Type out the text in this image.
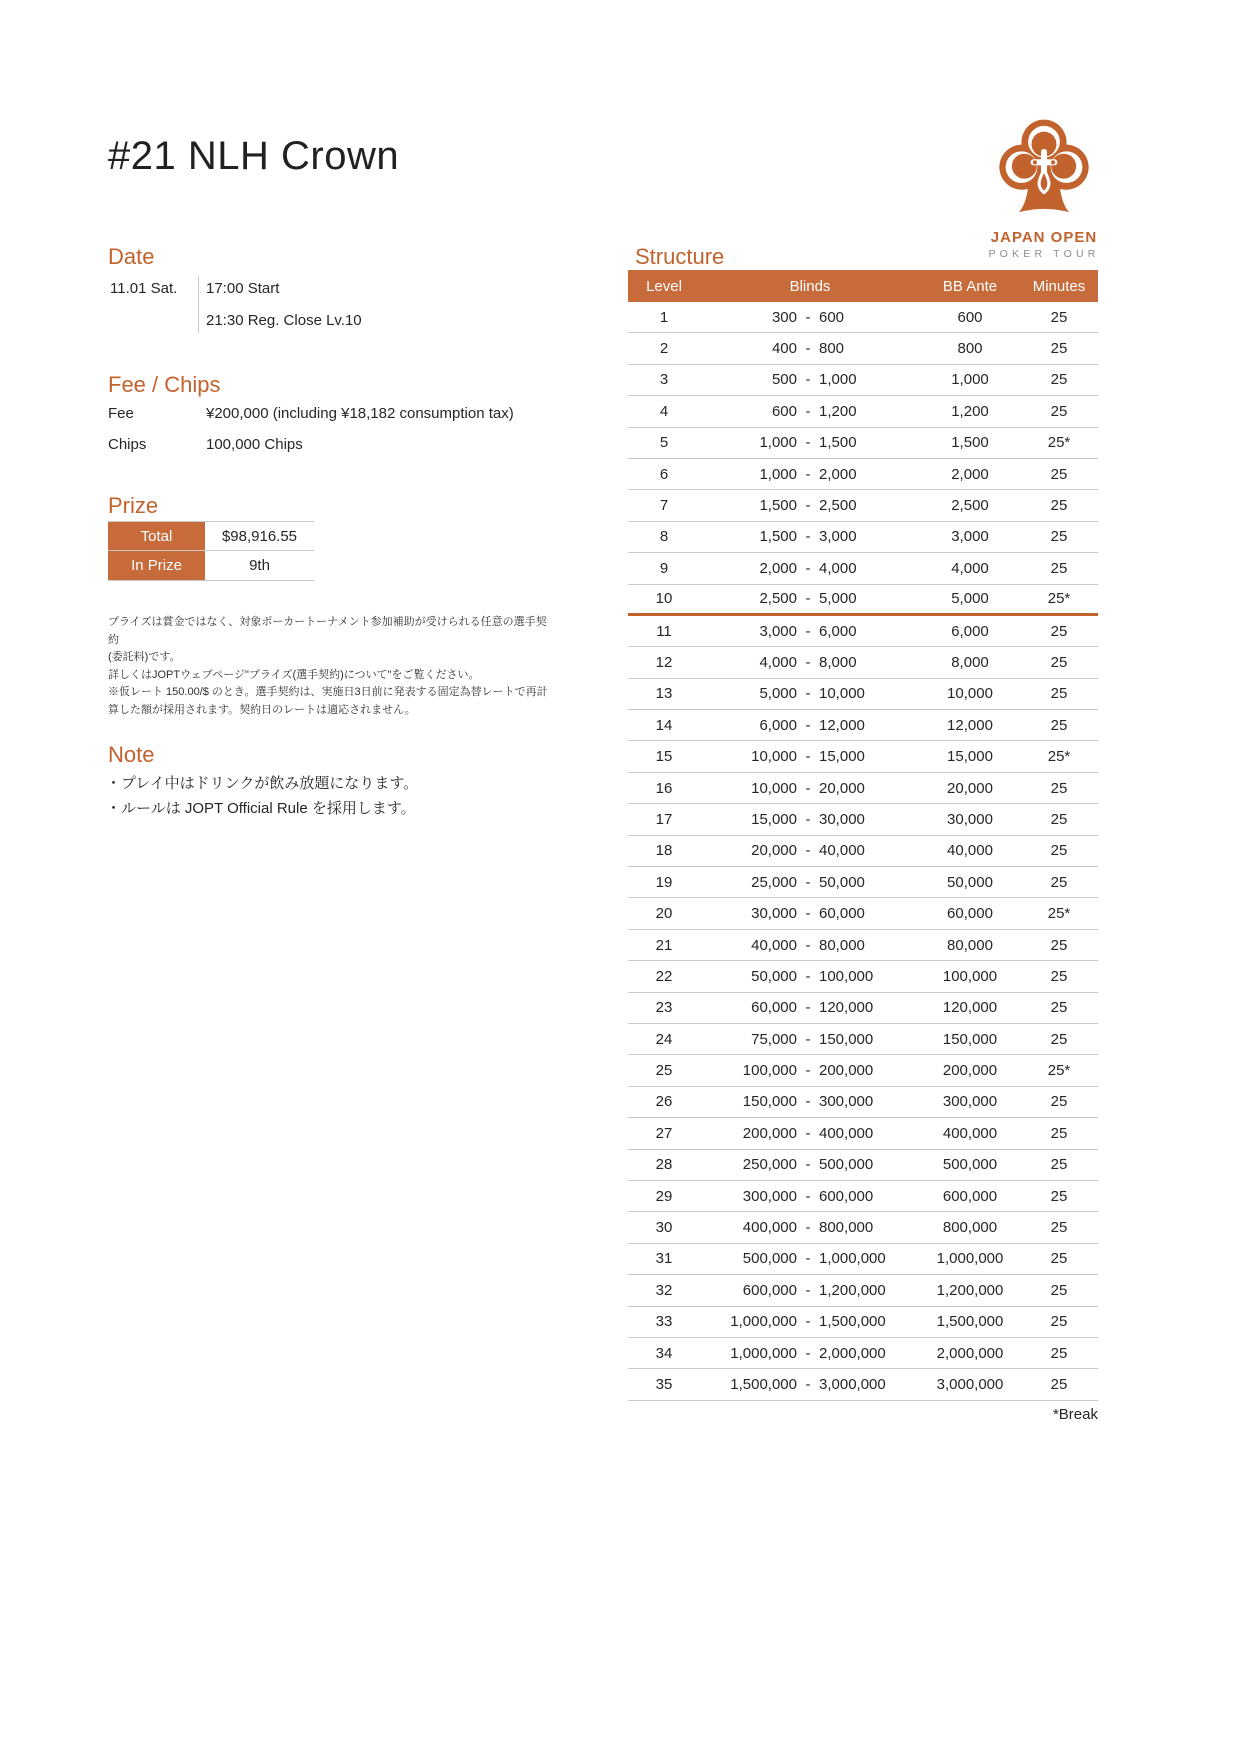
#21 NLH Crown
JAPAN OPEN
POKER TOUR
Date
11.01 Sat. 17:00 Start
21:30 Reg. Close Lv.10
Fee / Chips
Fee	¥200,000 (including ¥18,182 consumption tax)
Chips	100,000 Chips
Prize
Total	$98,916.55
In Prize	9th
プライズは賞金ではなく、対象ポーカートーナメント参加補助が受けられる任意の選手契約
(委託料)です。
詳しくはJOPTウェブページ"プライズ(選手契約)について"をご覧ください。
※仮レート 150.00/$ のとき。選手契約は、実施日3日前に発表する固定為替レートで再計
算した額が採用されます。契約日のレートは適応されません。
Note
・プレイ中はドリンクが飲み放題になります。
・ルールは JOPT Official Rule を採用します。
Structure
Level	Blinds	BB Ante	Minutes
1	300 - 600	600	25
2	400 - 800	800	25
3	500 - 1,000	1,000	25
4	600 - 1,200	1,200	25
5	1,000 - 1,500	1,500	25*
6	1,000 - 2,000	2,000	25
7	1,500 - 2,500	2,500	25
8	1,500 - 3,000	3,000	25
9	2,000 - 4,000	4,000	25
10	2,500 - 5,000	5,000	25*
11	3,000 - 6,000	6,000	25
12	4,000 - 8,000	8,000	25
13	5,000 - 10,000	10,000	25
14	6,000 - 12,000	12,000	25
15	10,000 - 15,000	15,000	25*
16	10,000 - 20,000	20,000	25
17	15,000 - 30,000	30,000	25
18	20,000 - 40,000	40,000	25
19	25,000 - 50,000	50,000	25
20	30,000 - 60,000	60,000	25*
21	40,000 - 80,000	80,000	25
22	50,000 - 100,000	100,000	25
23	60,000 - 120,000	120,000	25
24	75,000 - 150,000	150,000	25
25	100,000 - 200,000	200,000	25*
26	150,000 - 300,000	300,000	25
27	200,000 - 400,000	400,000	25
28	250,000 - 500,000	500,000	25
29	300,000 - 600,000	600,000	25
30	400,000 - 800,000	800,000	25
31	500,000 - 1,000,000	1,000,000	25
32	600,000 - 1,200,000	1,200,000	25
33	1,000,000 - 1,500,000	1,500,000	25
34	1,000,000 - 2,000,000	2,000,000	25
35	1,500,000 - 3,000,000	3,000,000	25
*Break
